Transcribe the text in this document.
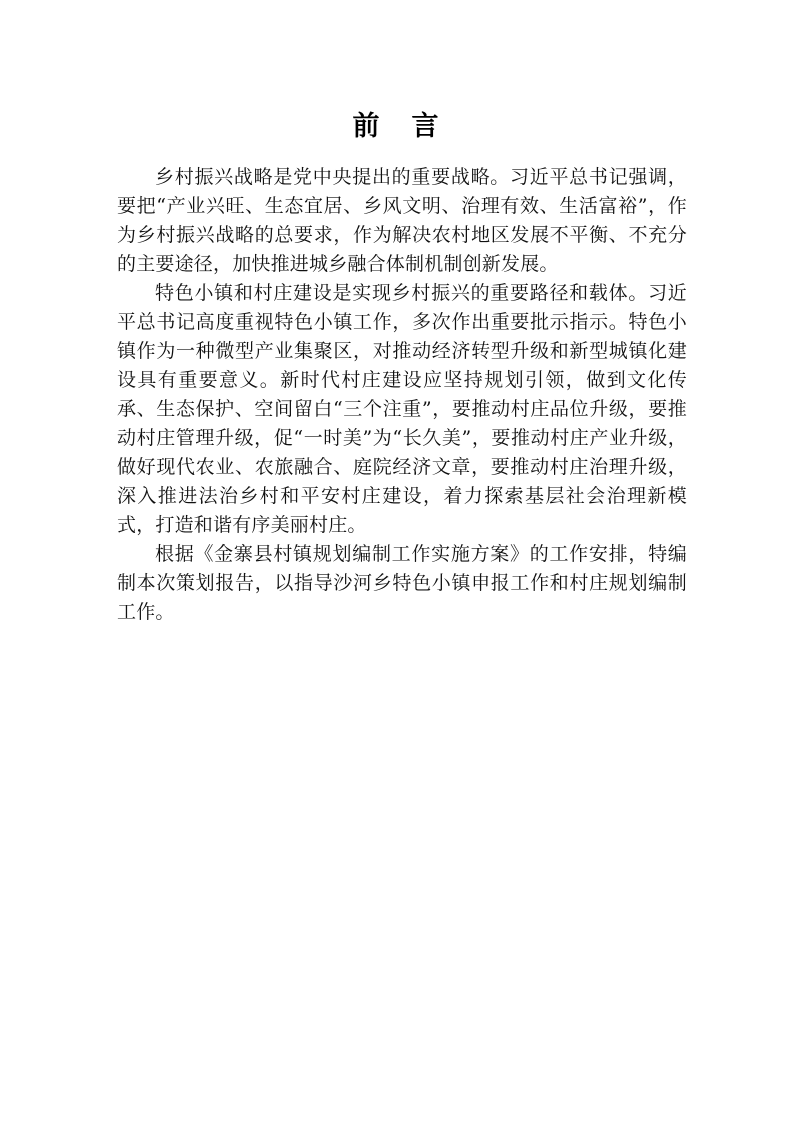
前 言

乡村振兴战略是党中央提出的重要战略。习近平总书记强调，要把“产业兴旺、生态宜居、乡风文明、治理有效、生活富裕”，作为乡村振兴战略的总要求，作为解决农村地区发展不平衡、不充分的主要途径，加快推进城乡融合体制机制创新发展。

特色小镇和村庄建设是实现乡村振兴的重要路径和载体。习近平总书记高度重视特色小镇工作，多次作出重要批示指示。特色小镇作为一种微型产业集聚区，对推动经济转型升级和新型城镇化建设具有重要意义。新时代村庄建设应坚持规划引领，做到文化传承、生态保护、空间留白“三个注重”，要推动村庄品位升级，要推动村庄管理升级，促“一时美”为“长久美”，要推动村庄产业升级，做好现代农业、农旅融合、庭院经济文章，要推动村庄治理升级，深入推进法治乡村和平安村庄建设，着力探索基层社会治理新模式，打造和谐有序美丽村庄。

根据《金寨县村镇规划编制工作实施方案》的工作安排，特编制本次策划报告，以指导沙河乡特色小镇申报工作和村庄规划编制工作。
